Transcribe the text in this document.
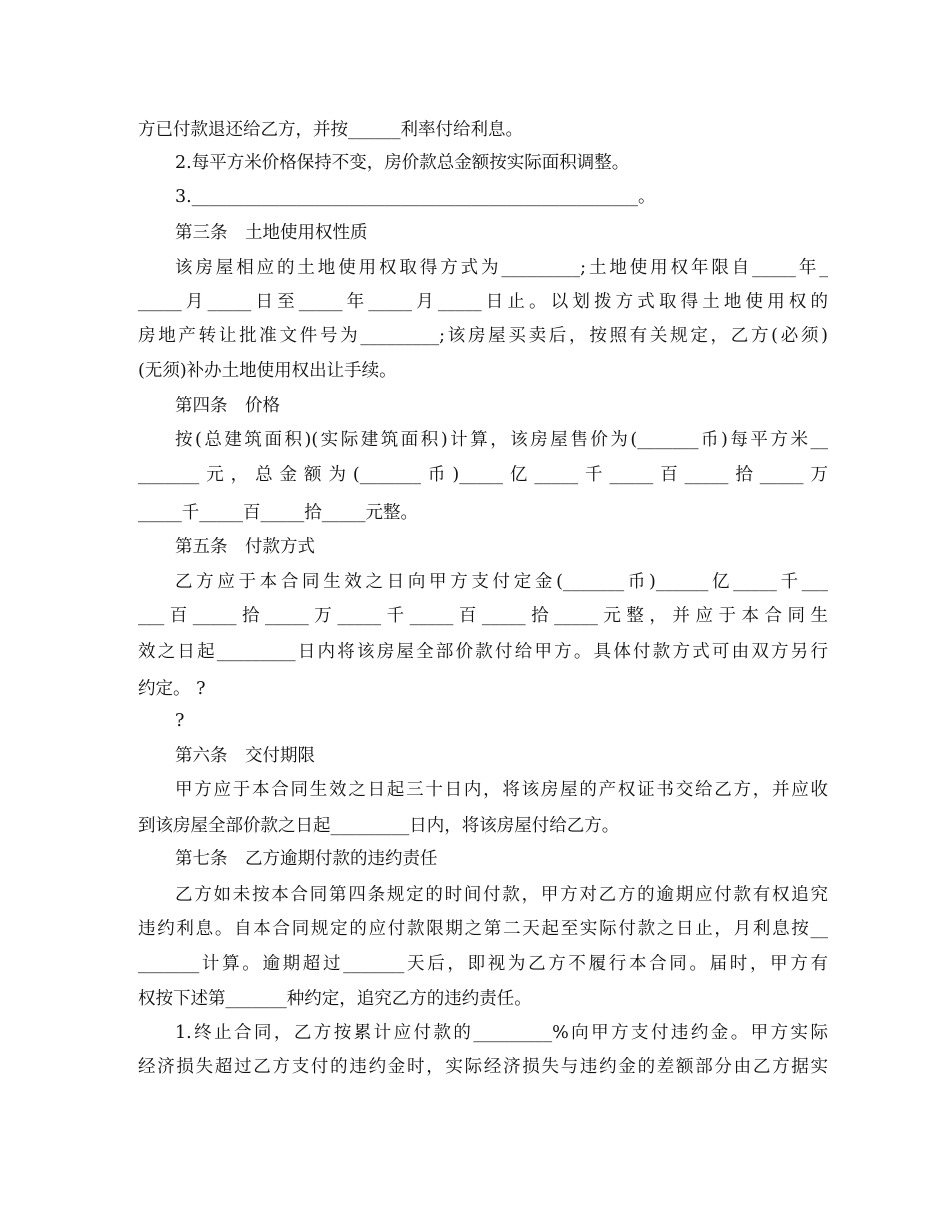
方已付款退还给乙方，并按______利率付给利息。
2.每平方米价格保持不变，房价款总金额按实际面积调整。
3.___________________________________________________。
第三条　土地使用权性质
该房屋相应的土地使用权取得方式为_________;土地使用权年限自_____年_
_____月_____日至_____年_____月_____日止。以划拨方式取得土地使用权的
房地产转让批准文件号为_________;该房屋买卖后，按照有关规定，乙方(必须)
(无须)补办土地使用权出让手续。
第四条　价格
按(总建筑面积)(实际建筑面积)计算，该房屋售价为(_______币)每平方米__
_______元，总金额为(_______币)_____亿_____千_____百_____拾_____万
_____千_____百_____拾_____元整。
第五条　付款方式
乙方应于本合同生效之日向甲方支付定金(_______币)______亿_____千___
___百_____拾_____万_____千_____百_____拾_____元整，并应于本合同生
效之日起_________日内将该房屋全部价款付给甲方。具体付款方式可由双方另行
约定。 ?
?
第六条　交付期限
甲方应于本合同生效之日起三十日内，将该房屋的产权证书交给乙方，并应收
到该房屋全部价款之日起_________日内，将该房屋付给乙方。
第七条　乙方逾期付款的违约责任
乙方如未按本合同第四条规定的时间付款，甲方对乙方的逾期应付款有权追究
违约利息。自本合同规定的应付款限期之第二天起至实际付款之日止，月利息按__
_______计算。逾期超过_______天后，即视为乙方不履行本合同。届时，甲方有
权按下述第_______种约定，追究乙方的违约责任。
1.终止合同，乙方按累计应付款的_________%向甲方支付违约金。甲方实际
经济损失超过乙方支付的违约金时，实际经济损失与违约金的差额部分由乙方据实
